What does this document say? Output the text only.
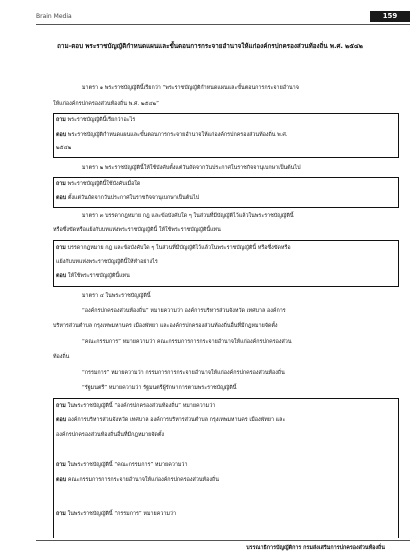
Brain Media	159
ถาม-ตอบ พระราชบัญญัติกำหนดแผนและขั้นตอนการกระจายอำนาจให้แก่องค์กรปกครองส่วนท้องถิ่น พ.ศ. ๒๕๔๒
มาตรา ๑ พระราชบัญญัตินี้เรียกว่า “พระราชบัญญัติกำหนดแผนและขั้นตอนการกระจายอำนาจ
ให้แก่องค์กรปกครองส่วนท้องถิ่น พ.ศ. ๒๕๔๒”
ถาม พระราชบัญญัตินี้เรียกว่าอะไร
ตอบ พระราชบัญญัติกำหนดแผนและขั้นตอนการกระจายอำนาจให้แก่องค์กรปกครองส่วนท้องถิ่น พ.ศ.
๒๕๔๒
มาตรา ๒ พระราชบัญญัตินี้ให้ใช้บังคับตั้งแต่วันถัดจากวันประกาศในราชกิจจานุเบกษาเป็นต้นไป
ถาม พระราชบัญญัตินี้ใช้บังคับเมื่อใด
ตอบ ตั้งแต่วันถัดจากวันประกาศในราชกิจจานุเบกษาเป็นต้นไป
มาตรา ๓ บรรดากฎหมาย กฎ และข้อบังคับใด ๆ ในส่วนที่มีบัญญัติไว้แล้วในพระราชบัญญัตินี้
หรือซึ่งขัดหรือแย้งกับบทแห่งพระราชบัญญัตินี้ ให้ใช้พระราชบัญญัตินี้แทน
ถาม บรรดากฎหมาย กฎ และข้อบังคับใด ๆ ในส่วนที่มีบัญญัติไว้แล้วในพระราชบัญญัตินี้ หรือซึ่งขัดหรือ
แย้งกับบทแห่งพระราชบัญญัตินี้ให้ทำอย่างไร
ตอบ ให้ใช้พระราชบัญญัตินี้แทน
มาตรา ๔ ในพระราชบัญญัตินี้
“องค์กรปกครองส่วนท้องถิ่น” หมายความว่า องค์การบริหารส่วนจังหวัด เทศบาล องค์การ
บริหารส่วนตำบล กรุงเทพมหานคร เมืองพัทยา และองค์กรปกครองส่วนท้องถิ่นอื่นที่มีกฎหมายจัดตั้ง
“คณะกรรมการ” หมายความว่า คณะกรรมการการกระจายอำนาจให้แก่องค์กรปกครองส่วน
ท้องถิ่น
“กรรมการ” หมายความว่า กรรมการการกระจายอำนาจให้แก่องค์กรปกครองส่วนท้องถิ่น
“รัฐมนตรี” หมายความว่า รัฐมนตรีผู้รักษาการตามพระราชบัญญัตินี้
ถาม ในพระราชบัญญัตินี้ “องค์กรปกครองส่วนท้องถิ่น” หมายความว่า
ตอบ องค์การบริหารส่วนจังหวัด เทศบาล องค์การบริหารส่วนตำบล กรุงเทพมหานคร เมืองพัทยา และ
องค์กรปกครองส่วนท้องถิ่นอื่นที่มีกฎหมายจัดตั้ง
ถาม ในพระราชบัญญัตินี้ “คณะกรรมการ” หมายความว่า
ตอบ คณะกรรมการการกระจายอำนาจให้แก่องค์กรปกครองส่วนท้องถิ่น
ถาม ในพระราชบัญญัตินี้ “กรรมการ” หมายความว่า
บรรณาธิการบัญญัติการ กรมส่งเสริมการปกครองส่วนท้องถิ่น
